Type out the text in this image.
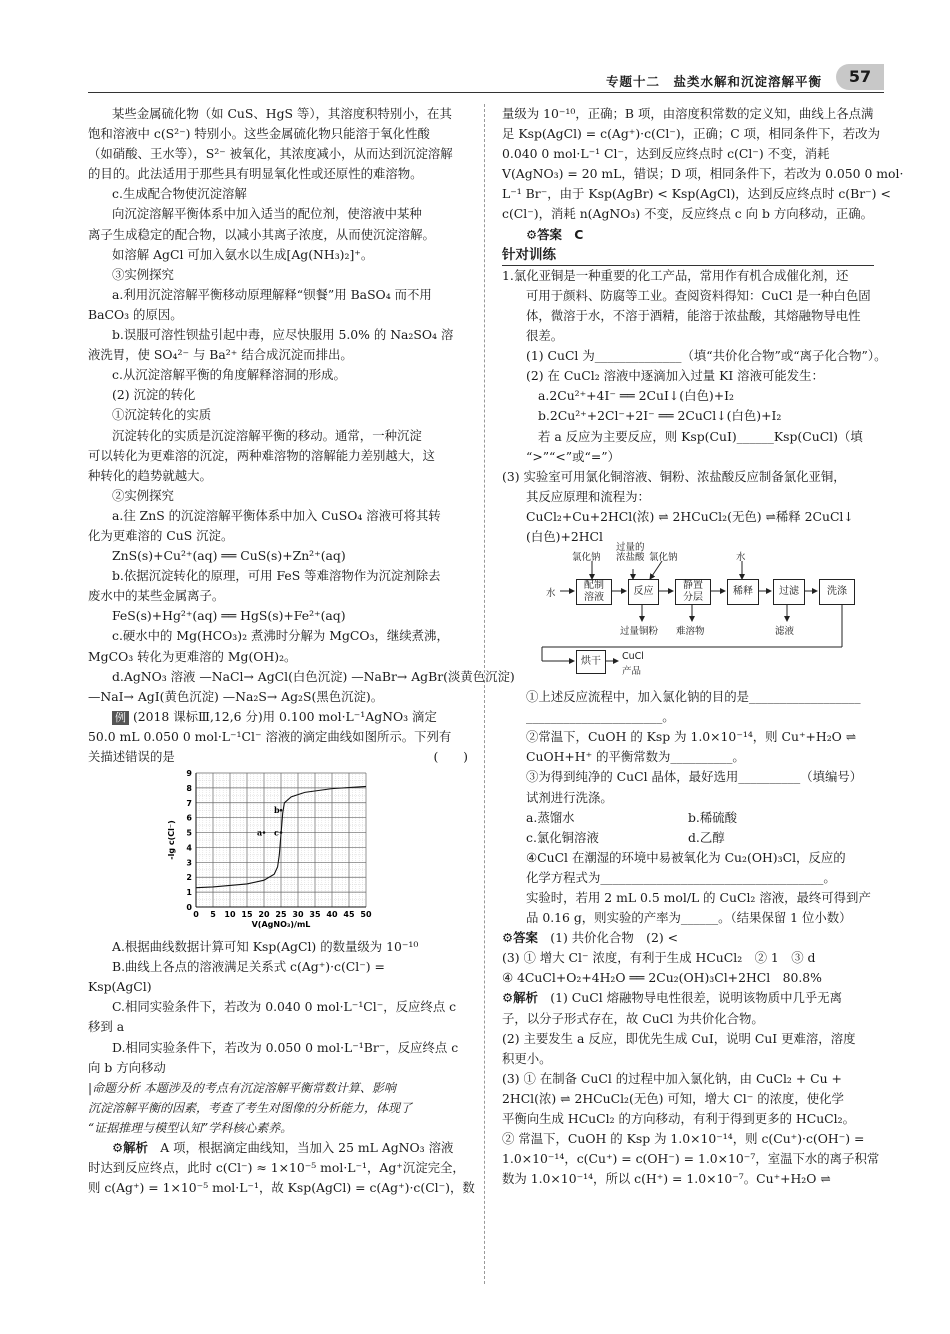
专题十二　 盐类水解和沉淀溶解平衡	57
某些金属硫化物（如 CuS、HgS 等），其溶度积特别小，在其
饱和溶液中 c(S²⁻) 特别小。这些金属硫化物只能溶于氧化性酸
（如硝酸、王水等），S²⁻ 被氧化，其浓度减小，从而达到沉淀溶解
的目的。此法适用于那些具有明显氧化性或还原性的难溶物。
c.生成配合物使沉淀溶解
向沉淀溶解平衡体系中加入适当的配位剂，使溶液中某种
离子生成稳定的配合物，以减小其离子浓度，从而使沉淀溶解。
如溶解 AgCl 可加入氨水以生成[Ag(NH₃)₂]⁺。
③实例探究
a.利用沉淀溶解平衡移动原理解释“钡餐”用 BaSO₄ 而不用
BaCO₃ 的原因。
b.误服可溶性钡盐引起中毒，应尽快服用 5.0% 的 Na₂SO₄ 溶
液洗胃，使 SO₄²⁻ 与 Ba²⁺ 结合成沉淀而排出。
c.从沉淀溶解平衡的角度解释溶洞的形成。
(2) 沉淀的转化
①沉淀转化的实质
沉淀转化的实质是沉淀溶解平衡的移动。通常，一种沉淀
可以转化为更难溶的沉淀，两种难溶物的溶解能力差别越大，这
种转化的趋势就越大。
②实例探究
a.往 ZnS 的沉淀溶解平衡体系中加入 CuSO₄ 溶液可将其转
化为更难溶的 CuS 沉淀。
ZnS(s)+Cu²⁺(aq) ══ CuS(s)+Zn²⁺(aq)
b.依据沉淀转化的原理，可用 FeS 等难溶物作为沉淀剂除去
废水中的某些金属离子。
FeS(s)+Hg²⁺(aq) ══ HgS(s)+Fe²⁺(aq)
c.硬水中的 Mg(HCO₃)₂ 煮沸时分解为 MgCO₃，继续煮沸，
MgCO₃ 转化为更难溶的 Mg(OH)₂。
d.AgNO₃ 溶液 —NaCl→ AgCl(白色沉淀) —NaBr→ AgBr(淡黄色沉淀)
—NaI→ AgI(黄色沉淀) —Na₂S→ Ag₂S(黑色沉淀)。
例 (2018 课标Ⅲ,12,6 分)用 0.100 mol·L⁻¹AgNO₃ 滴定
50.0 mL 0.050 0 mol·L⁻¹Cl⁻ 溶液的滴定曲线如图所示。下列有
关描述错误的是	(　　)
0 5 10 15 20 25 30 35 40 45 50
0
1
2
3
4
5
6
7
8
9
V(AgNO₃)/mL
-lg c(Cl⁻)	a
b
c
A.根据曲线数据计算可知 Ksp(AgCl) 的数量级为 10⁻¹⁰
B.曲线上各点的溶液满足关系式 c(Ag⁺)·c(Cl⁻) =
Ksp(AgCl)
C.相同实验条件下，若改为 0.040 0 mol·L⁻¹Cl⁻，反应终点 c
移到 a
D.相同实验条件下，若改为 0.050 0 mol·L⁻¹Br⁻，反应终点 c
向 b 方向移动
|命题分析 本题涉及的考点有沉淀溶解平衡常数计算、影响
沉淀溶解平衡的因素，考查了考生对图像的分析能力，体现了
“证据推理与模型认知”学科核心素养。
⚙解析　 A 项，根据滴定曲线知，当加入 25 mL AgNO₃ 溶液
时达到反应终点，此时 c(Cl⁻) ≈ 1×10⁻⁵ mol·L⁻¹，Ag⁺沉淀完全，
则 c(Ag⁺) = 1×10⁻⁵ mol·L⁻¹，故 Ksp(AgCl) = c(Ag⁺)·c(Cl⁻)，数
量级为 10⁻¹⁰，正确；B 项，由溶度积常数的定义知，曲线上各点满
足 Ksp(AgCl) = c(Ag⁺)·c(Cl⁻)，正确；C 项，相同条件下，若改为
0.040 0 mol·L⁻¹ Cl⁻，达到反应终点时 c(Cl⁻) 不变，消耗
V(AgNO₃) = 20 mL，错误；D 项，相同条件下，若改为 0.050 0 mol·
L⁻¹ Br⁻，由于 Ksp(AgBr) < Ksp(AgCl)，达到反应终点时 c(Br⁻) <
c(Cl⁻)，消耗 n(AgNO₃) 不变，反应终点 c 向 b 方向移动，正确。
⚙答案　 C
针对训练
1.氯化亚铜是一种重要的化工产品，常用作有机合成催化剂，还
可用于颜料、防腐等工业。查阅资料得知：CuCl 是一种白色固
体，微溶于水，不溶于酒精，能溶于浓盐酸，其熔融物导电性
很差。
(1) CuCl 为______________（填“共价化合物”或“离子化合物”）。
(2) 在 CuCl₂ 溶液中逐滴加入过量 KI 溶液可能发生：
a.2Cu²⁺+4I⁻ ══ 2CuI↓(白色)+I₂
b.2Cu²⁺+2Cl⁻+2I⁻ ══ 2CuCl↓(白色)+I₂
若 a 反应为主要反应，则 Ksp(CuI)______Ksp(CuCl)（填
“>”“<”或“=”）
(3) 实验室可用氯化铜溶液、铜粉、浓盐酸反应制备氯化亚铜，
其反应原理和流程为：
CuCl₂+Cu+2HCl(浓) ⇌ 2HCuCl₂(无色) ⇌稀释 2CuCl↓
(白色)+2HCl
氯化钠
过量的
浓盐酸 氯化钠	水
水
配制
溶液
反应
静置
分层
稀释	过滤	洗涤
过量铜粉 难溶物	滤液
烘干	CuCl
产品
①上述反应流程中，加入氯化钠的目的是__________________
______________________。
②常温下，CuOH 的 Ksp 为 1.0×10⁻¹⁴，则 Cu⁺+H₂O ⇌
CuOH+H⁺ 的平衡常数为__________。
③为得到纯净的 CuCl 晶体，最好选用__________（填编号）
试剂进行洗涤。
a.蒸馏水	b.稀硫酸
c.氯化铜溶液	d.乙醇
④CuCl 在潮湿的环境中易被氧化为 Cu₂(OH)₃Cl，反应的
化学方程式为____________________________________。
实验时，若用 2 mL 0.5 mol/L 的 CuCl₂ 溶液，最终可得到产
品 0.16 g，则实验的产率为______。（结果保留 1 位小数）
⚙答案　 (1) 共价化合物　(2) <
(3) ① 增大 Cl⁻ 浓度，有利于生成 HCuCl₂　② 1　③ d
④ 4CuCl+O₂+4H₂O ══ 2Cu₂(OH)₃Cl+2HCl　80.8%
⚙解析　 (1) CuCl 熔融物导电性很差，说明该物质中几乎无离
子，以分子形式存在，故 CuCl 为共价化合物。
(2) 主要发生 a 反应，即优先生成 CuI，说明 CuI 更难溶，溶度
积更小。
(3) ① 在制备 CuCl 的过程中加入氯化钠，由 CuCl₂ + Cu +
2HCl(浓) ⇌ 2HCuCl₂(无色) 可知，增大 Cl⁻ 的浓度，使化学
平衡向生成 HCuCl₂ 的方向移动，有利于得到更多的 HCuCl₂。
② 常温下，CuOH 的 Ksp 为 1.0×10⁻¹⁴，则 c(Cu⁺)·c(OH⁻) =
1.0×10⁻¹⁴，c(Cu⁺) = c(OH⁻) = 1.0×10⁻⁷，室温下水的离子积常
数为 1.0×10⁻¹⁴，所以 c(H⁺) = 1.0×10⁻⁷。Cu⁺+H₂O ⇌
